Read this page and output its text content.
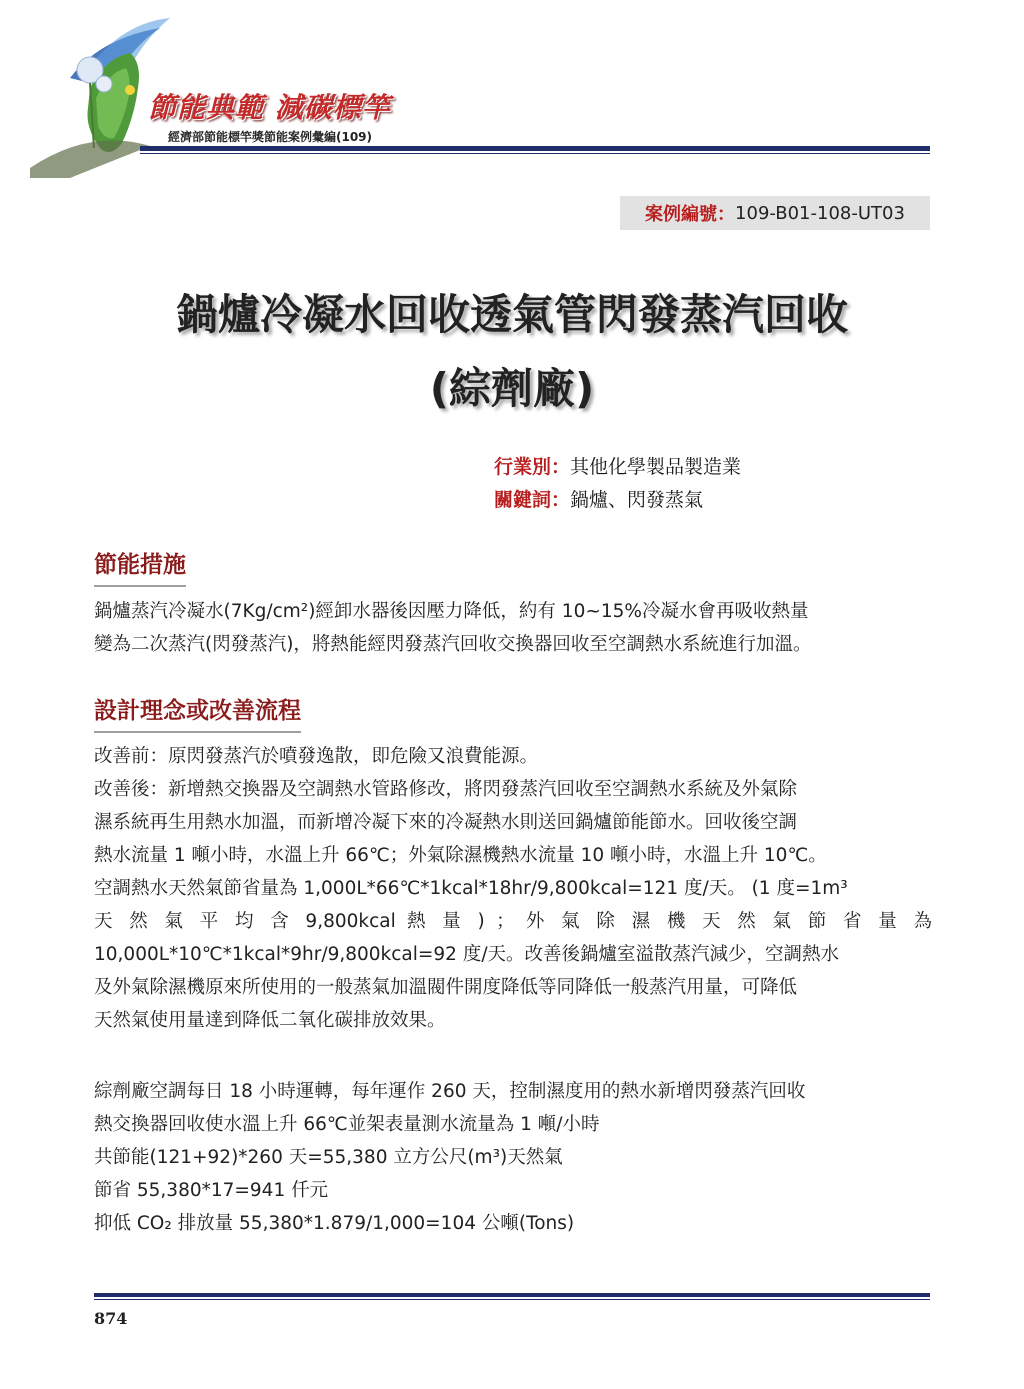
節能典範 減碳標竿
經濟部節能標竿獎節能案例彙編(109)
案例編號： 109-B01-108-UT03
鍋爐冷凝水回收透氣管閃發蒸汽回收
(綜劑廠)
行業別：其他化學製品製造業
關鍵詞：鍋爐、閃發蒸氣
節能措施
鍋爐蒸汽冷凝水(7Kg/cm²)經卸水器後因壓力降低，約有 10~15%冷凝水會再吸收熱量
變為二次蒸汽(閃發蒸汽)，將熱能經閃發蒸汽回收交換器回收至空調熱水系統進行加溫。
設計理念或改善流程
改善前：原閃發蒸汽於噴發逸散，即危險又浪費能源。
改善後：新增熱交換器及空調熱水管路修改，將閃發蒸汽回收至空調熱水系統及外氣除
濕系統再生用熱水加溫，而新增冷凝下來的冷凝熱水則送回鍋爐節能節水。回收後空調
熱水流量 1 噸小時，水溫上升 66℃；外氣除濕機熱水流量 10 噸小時，水溫上升 10℃。
空調熱水天然氣節省量為 1,000L*66℃*1kcal*18hr/9,800kcal=121 度/天。 (1 度=1m³
天 然 氣 平 均 含 9,800kcal 熱 量 ) ； 外 氣 除 濕 機 天 然 氣 節 省 量 為
10,000L*10℃*1kcal*9hr/9,800kcal=92 度/天。改善後鍋爐室溢散蒸汽減少，空調熱水
及外氣除濕機原來所使用的一般蒸氣加溫閥件開度降低等同降低一般蒸汽用量，可降低
天然氣使用量達到降低二氧化碳排放效果。
綜劑廠空調每日 18 小時運轉，每年運作 260 天，控制濕度用的熱水新增閃發蒸汽回收
熱交換器回收使水溫上升 66℃並架表量測水流量為 1 噸/小時
共節能(121+92)*260 天=55,380 立方公尺(m³)天然氣
節省 55,380*17=941 仟元
抑低 CO₂ 排放量 55,380*1.879/1,000=104 公噸(Tons)
874
